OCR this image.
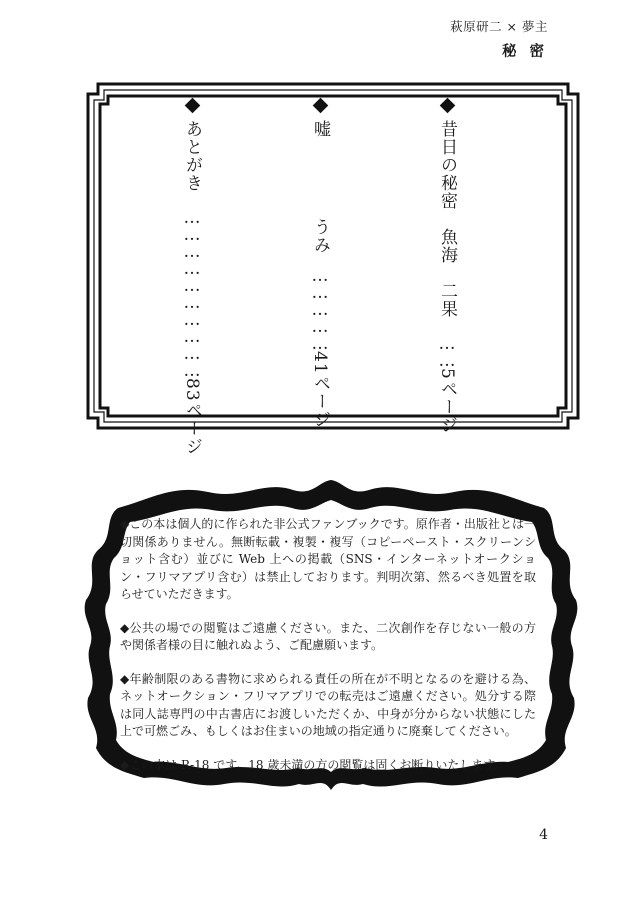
萩原研二 × 夢主
秘 密
昔日の秘密魚海　二果……5ページ
嘘うみ……………41ページ
あとがき…………………………83ページ

◆この本は個人的に作られた非公式ファンブックです。原作者・出版社とは一切関係ありません。無断転載・複製・複写（コピーペースト・スクリーンショット含む）並びに Web 上への掲載（SNS・インターネットオークション・フリマアプリ含む）は禁止しております。判明次第、然るべき処置を取らせていただきます。

◆公共の場での閲覧はご遠慮ください。また、二次創作を存じない一般の方や関係者様の目に触れぬよう、ご配慮願います。

◆年齢制限のある書物に求められる責任の所在が不明となるのを避ける為、ネットオークション・フリマアプリでの転売はご遠慮ください。処分する際は同人誌専門の中古書店にお渡しいただくか、中身が分からない状態にした上で可燃ごみ、もしくはお住まいの地域の指定通りに廃棄してください。

◆この本は R-18 です。18 歳未満の方の閲覧は固くお断りいたします。

4
